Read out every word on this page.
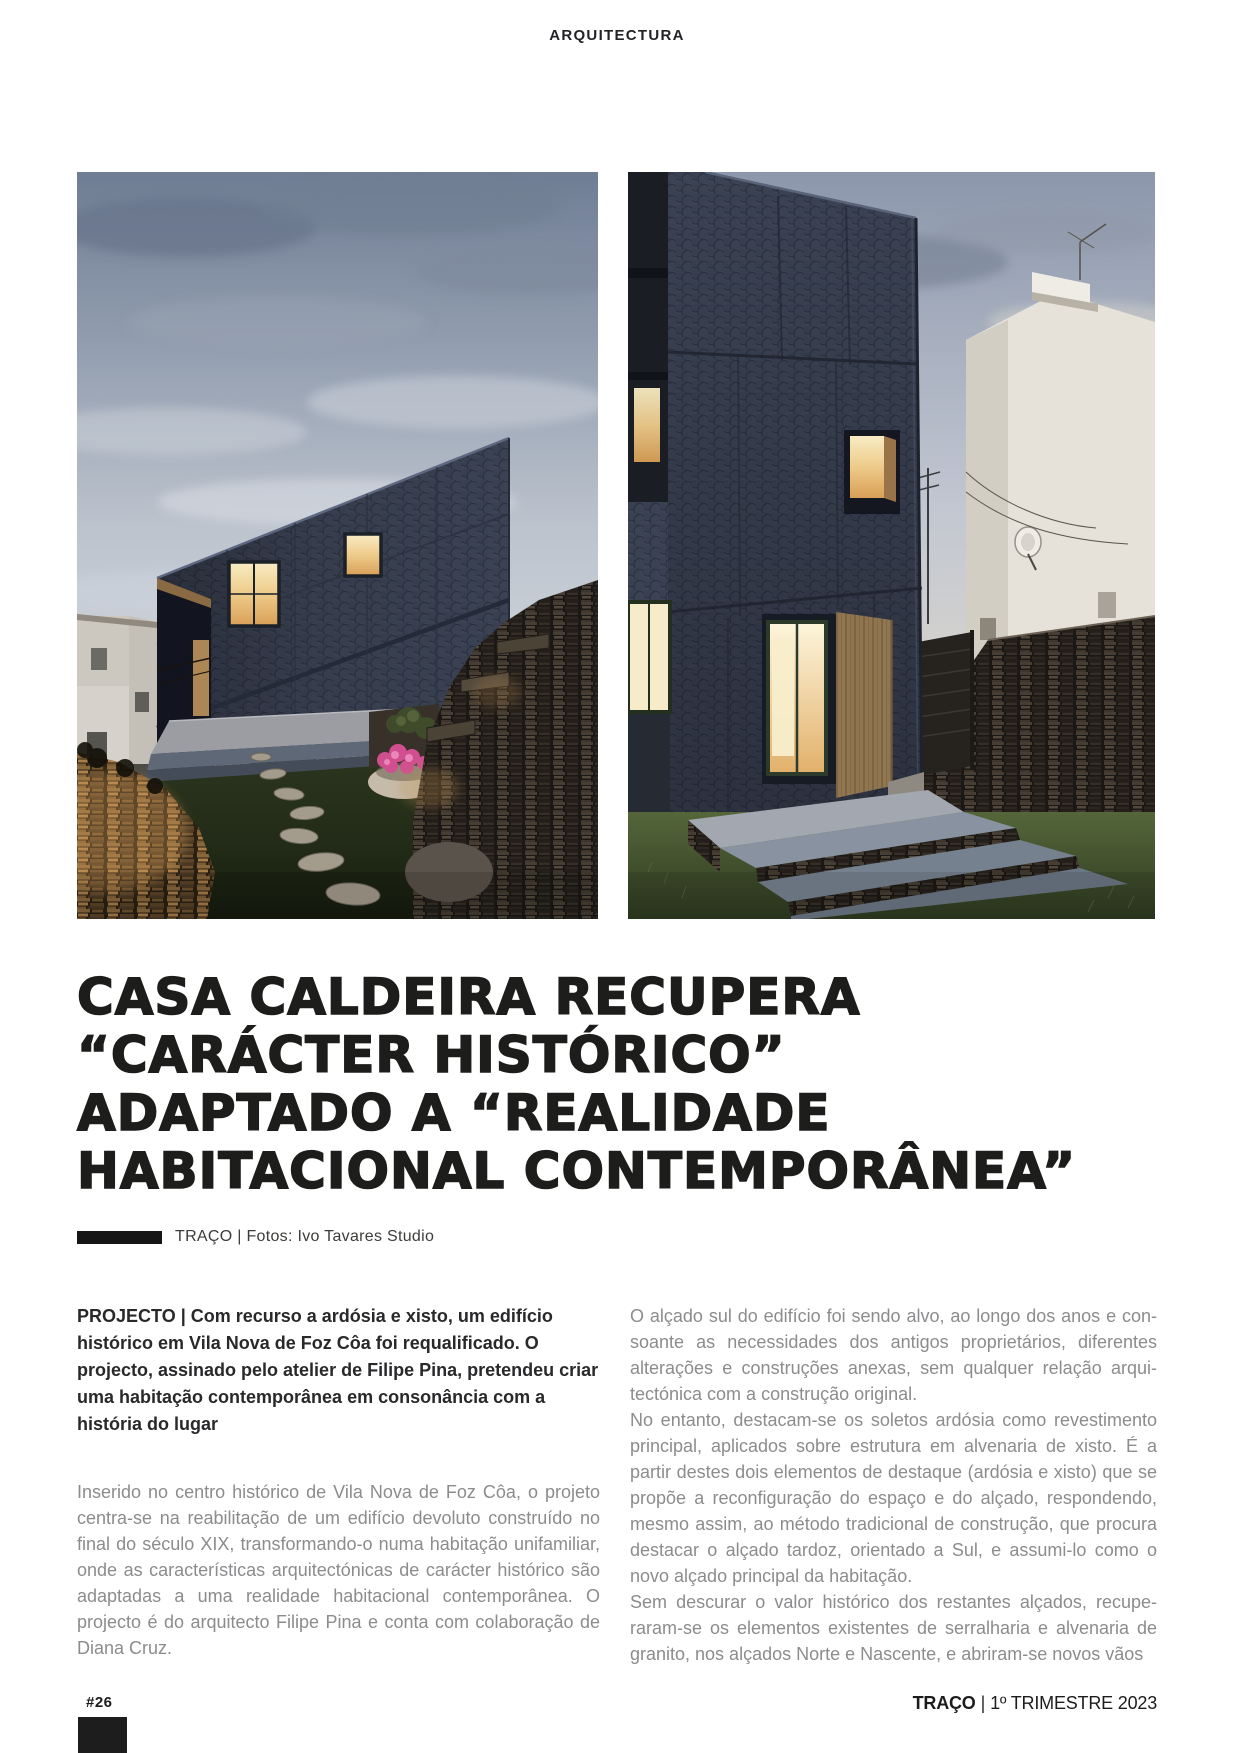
ARQUITECTURA
CASA CALDEIRA RECUPERA
“CARÁCTER HISTÓRICO”
ADAPTADO A “REALIDADE
HABITACIONAL CONTEMPORÂNEA”
TRAÇO | Fotos: Ivo Tavares Studio

PROJECTO | Com recurso a ardósia e xisto, um edifício histórico em Vila Nova de Foz Côa foi requalificado. O projecto, assinado pelo atelier de Filipe Pina, pretendeu criar uma habitação contemporânea em consonância com a história do lugar

Inserido no centro histórico de Vila Nova de Foz Côa, o projeto centra-se na reabilitação de um edifício devoluto construído no final do século XIX, transformando-o numa habitação unifamiliar, onde as características arquitectónicas de carácter histórico são adaptadas a uma realidade habitacional contemporânea. O projecto é do arquitecto Filipe Pina e conta com colaboração de Diana Cruz.

O alçado sul do edifício foi sendo alvo, ao longo dos anos e consoante as necessidades dos antigos proprietários, diferentes alterações e construções anexas, sem qualquer relação arquitectónica com a construção original.

No entanto, destacam-se os soletos ardósia como revestimento principal, aplicados sobre estrutura em alvenaria de xisto. É a partir destes dois elementos de destaque (ardósia e xisto) que se propõe a reconfiguração do espaço e do alçado, respondendo, mesmo assim, ao método tradicional de construção, que procura destacar o alçado tardoz, orientado a Sul, e assumi-lo como o novo alçado principal da habitação.

Sem descurar o valor histórico dos restantes alçados, recuperaram-se os elementos existentes de serralharia e alvenaria de granito, nos alçados Norte e Nascente, e abriram-se novos vãos

#26	TRAÇO | 1º TRIMESTRE 2023
